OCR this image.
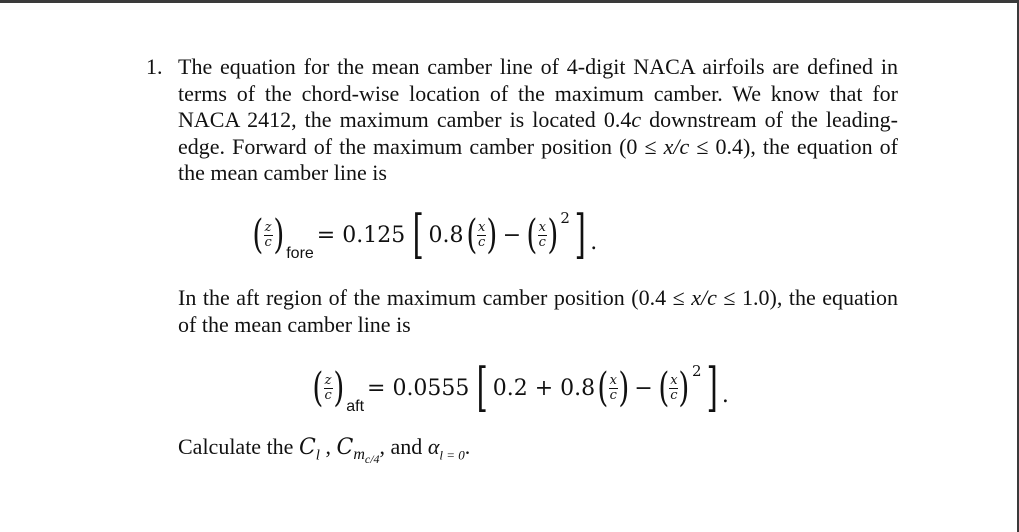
1. The equation for the mean camber line of 4-digit NACA airfoils are defined in terms of the chord-wise location of the maximum camber. We know that for NACA 2412, the maximum camber is located 0.4c downstream of the leading-edge. Forward of the maximum camber position (0 ≤ x/c ≤ 0.4), the equation of the mean camber line is
( $\frac{z}{c}$ ) fore
= 0.125 [ 0.8 ( $\frac{x}{c}$ ) − ( $\frac{x}{c}$ ) 2 ] .
In the aft region of the maximum camber position (0.4 ≤ x/c ≤ 1.0), the equation of the mean camber line is
( $\frac{z}{c}$ ) aft
= 0.0555 [ 0.2 + 0.8 ( $\frac{x}{c}$ ) − ( $\frac{x}{c}$ ) 2 ] .
Calculate the $C_l$ , $C_{m_{c/4}}$, and $\alpha_{l = 0}$.
